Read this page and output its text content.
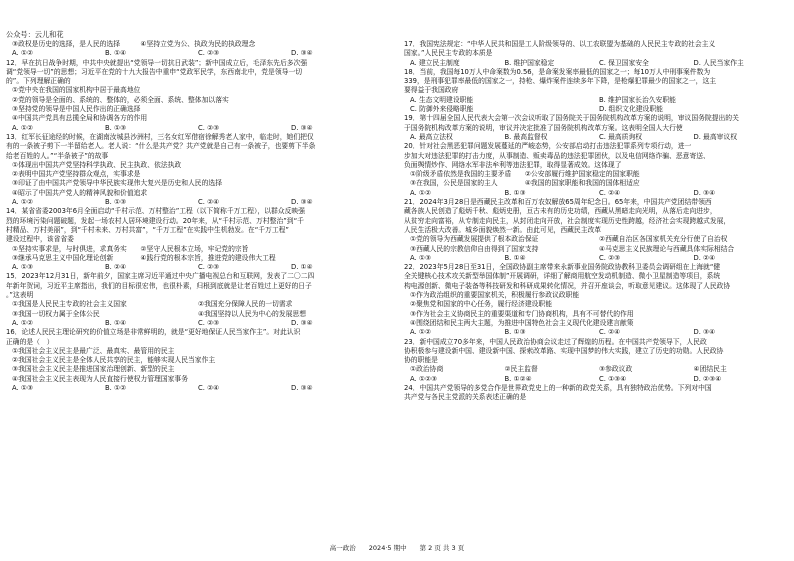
公众号：云儿和花
③政权是历史的选择，是人民的选择　　　④坚持立党为公、执政为民的执政理念
A. ①②	B. ①④	C. ②③	D. ③④
12．早在抗日战争时期，中共中央就提出“党领导一切抗日武装”；新中国成立后，毛泽东先后多次强
调“党领导一切”的思想；习近平在党的十九大报告中重申“党政军民学，东西南北中，党是领导一切
的”。下列理解正确的
①党中央在我国的国家机构中居于最高地位
②党的领导是全面的、系统的、整体的，必须全面、系统、整体加以落实
③坚持党的领导是中国人民作出的正确选择
④中国共产党具有总揽全局和协调各方的作用
A. ①②	B. ①③	C. ②③	D. ③④
13．红军长征途经的时候，在湖南汝城县沙洲村，三名女红军借宿徐解秀老人家中，临走时，她们把仅
有的一条被子剪下一半留给老人。老人说：“什么是共产党？共产党就是自己有一条被子，也要剪下半条
给老百姓的人。”“半条被子”的故事
①体现出中国共产党坚持科学执政、民主执政、依法执政
②表明中国共产党坚持群众观点，实事求是
③印证了由中国共产党领导中华民族实现伟大复兴是历史和人民的选择
④昭示了中国共产党人的精神风貌和价值追求
A. ①②	B. ①③	C. ②④	D. ③④
14．某省省委2003年6月全面启动“千村示范、万村整治”工程（以下简称千万工程），以群众反映强
烈的环境污染问题破题，发起一场农村人居环境建设行动。20年来，从“千村示范、万村整治”到“千
村精品、万村美丽”，到“千村未来、万村共富”，“千万工程”在实践中生机勃发。在“千万工程”
建设过程中，该省省委
①坚持实事求是，与时俱进，求真务实　　②坚守人民根本立场，牢记党的宗旨
③继承马克思主义中国化理论创新　　　　④践行党的根本宗旨，推进党的建设伟大工程
A. ①③	B. ②④	C. ②③	D. ①④
15．2023年12月31日，新年前夕，国家主席习近平通过中央广播电视总台和互联网，发表了二〇二四
年新年贺词，习近平主席指出，我们的目标很宏伟，也很朴素，归根到底就是让老百姓过上更好的日子
。”这表明
①我国是人民民主专政的社会主义国家	②我国充分保障人民的一切需求
③我国一切权力属于全体公民	④我国坚持以人民为中心的发展思想
A. ①②	B. ①④	C. ②③	D. ③④
16．论述人民民主理论研究的价值立场是非常鲜明的，就是“更好地保证人民当家作主”。对此认识
正确的是（　）
①我国社会主义民主是最广泛、最真实、最管用的民主
②我国社会主义民主是全体人民共享的民主，能够实现人民当家作主
③我国社会主义民主是推进国家治理创新、新型的民主
④我国社会主义民主表现为人民直接行使权力管理国家事务
A. ①③	B. ①②	C. ②④	D. ③④
17．我国宪法规定：“中华人民共和国是工人阶级领导的、以工农联盟为基础的人民民主专政的社会主义
国家。”人民民主专政的本质是
A. 建立民主制度	B. 维护国家稳定	C. 保卫国家安全	D. 人民当家作主
18．当前，我国每10万人中命案数为0.56，是命案发案率最低的国家之一；每10万人中刑事案件数为
339，是刑事犯罪率最低的国家之一，持枪、爆炸案件连续多年下降，是枪爆犯罪最少的国家之一，这主
要得益于我国政府
A. 生态文明建设职能	B. 维护国家长治久安职能
C. 防御外来侵略职能	D. 组织文化建设职能
19．第十四届全国人民代表大会第一次会议听取了国务院关于国务院机构改革方案的说明，审议国务院提出的关
于国务院机构改革方案的说明，审议并决定批准了国务院机构改革方案。这表明全国人大行使
A. 最高立法权	B. 最高监督权	C. 最高质询权	D. 最高审议权
20．针对社会黑恶犯罪问题发展蔓延的严峻态势，公安部启动打击违法犯罪系列专项行动，进一
步加大对违法犯罪的打击力度，从事制造、贩卖毒品的违法犯罪团伙，以及电信网络诈骗、恶意寄送、
负面舆情炒作、网络水军非法牟利等违法犯罪，取得显著成效。这体现了
①阶级矛盾依然是我国的主要矛盾　　②公安部履行维护国家稳定的国家职能
③在我国，公民是国家的主人　　　　④我国的国家职能和我国的国体相适应
A. ①②	B. ①③	C. ②④	D. ③④
21．2024年3月28日是西藏民主改革和百万农奴解放65周年纪念日。65年来，中国共产党团结带领西
藏各族人民创造了彪炳千秋、彪炳史册，亘古未有的历史功绩，西藏从黑暗走向光明，从落后走向进步，
从贫穷走向富裕，从专制走向民主，从封闭走向开放，社会制度实现历史性跨越，经济社会实现跨越式发展，
人民生活极大改善。城乡面貌焕然一新。由此可见，西藏民主改革
①党的领导为西藏发展提供了根本政治保证	②西藏自治区各国家机关充分行使了自治权
③西藏人民的宗教信仰自由得到了国家支持	④马克思主义民族理论与西藏具体实际相结合
A. ①③	B. ①④	C. ②③	D. ②④
22．2023年5月28日至31日，全国政协副主席带来永新事业国务院政协教科卫委员会调研组在上海就“健
全关键核心技术攻关新型举国体制”开展调研，详细了解商用航空发动机制造、微小卫星制造等项目，系统
构电源创新、微电子装备等科技研发和科研成果转化情况，并召开座谈会，听取意见建议。这体现了人民政协
①作为政治组织的重要国家机关，积极履行参政议政职能
②聚焦党和国家的中心任务，履行经济建设职能
③作为社会主义协商民主的重要渠道和专门协商机构，具有不可替代的作用
④围绕团结和民主两大主题，为推进中国特色社会主义现代化建设建言献策
A. ①②	B. ①③	C. ②④	D. ③④
23．新中国成立70多年来，中国人民政治协商会议走过了辉煌的历程。在中国共产党领导下，人民政
协积极参与建设新中国、建设新中国、探索改革路、实现中国梦的伟大实践，建立了历史的功勋。人民政协
协的职能是
①政治协商	②民主监督	③参政议政	④团结民主
A. ①②③	B. ①②④	C. ①③④	D. ②③④
24．中国共产党领导的多党合作是世界政党史上的一种新的政党关系，具有独特政治优势。下列对中国
共产党与各民主党派的关系表述正确的是
高一政治　　2024·5 期中　　第 2 页 共 3 页
